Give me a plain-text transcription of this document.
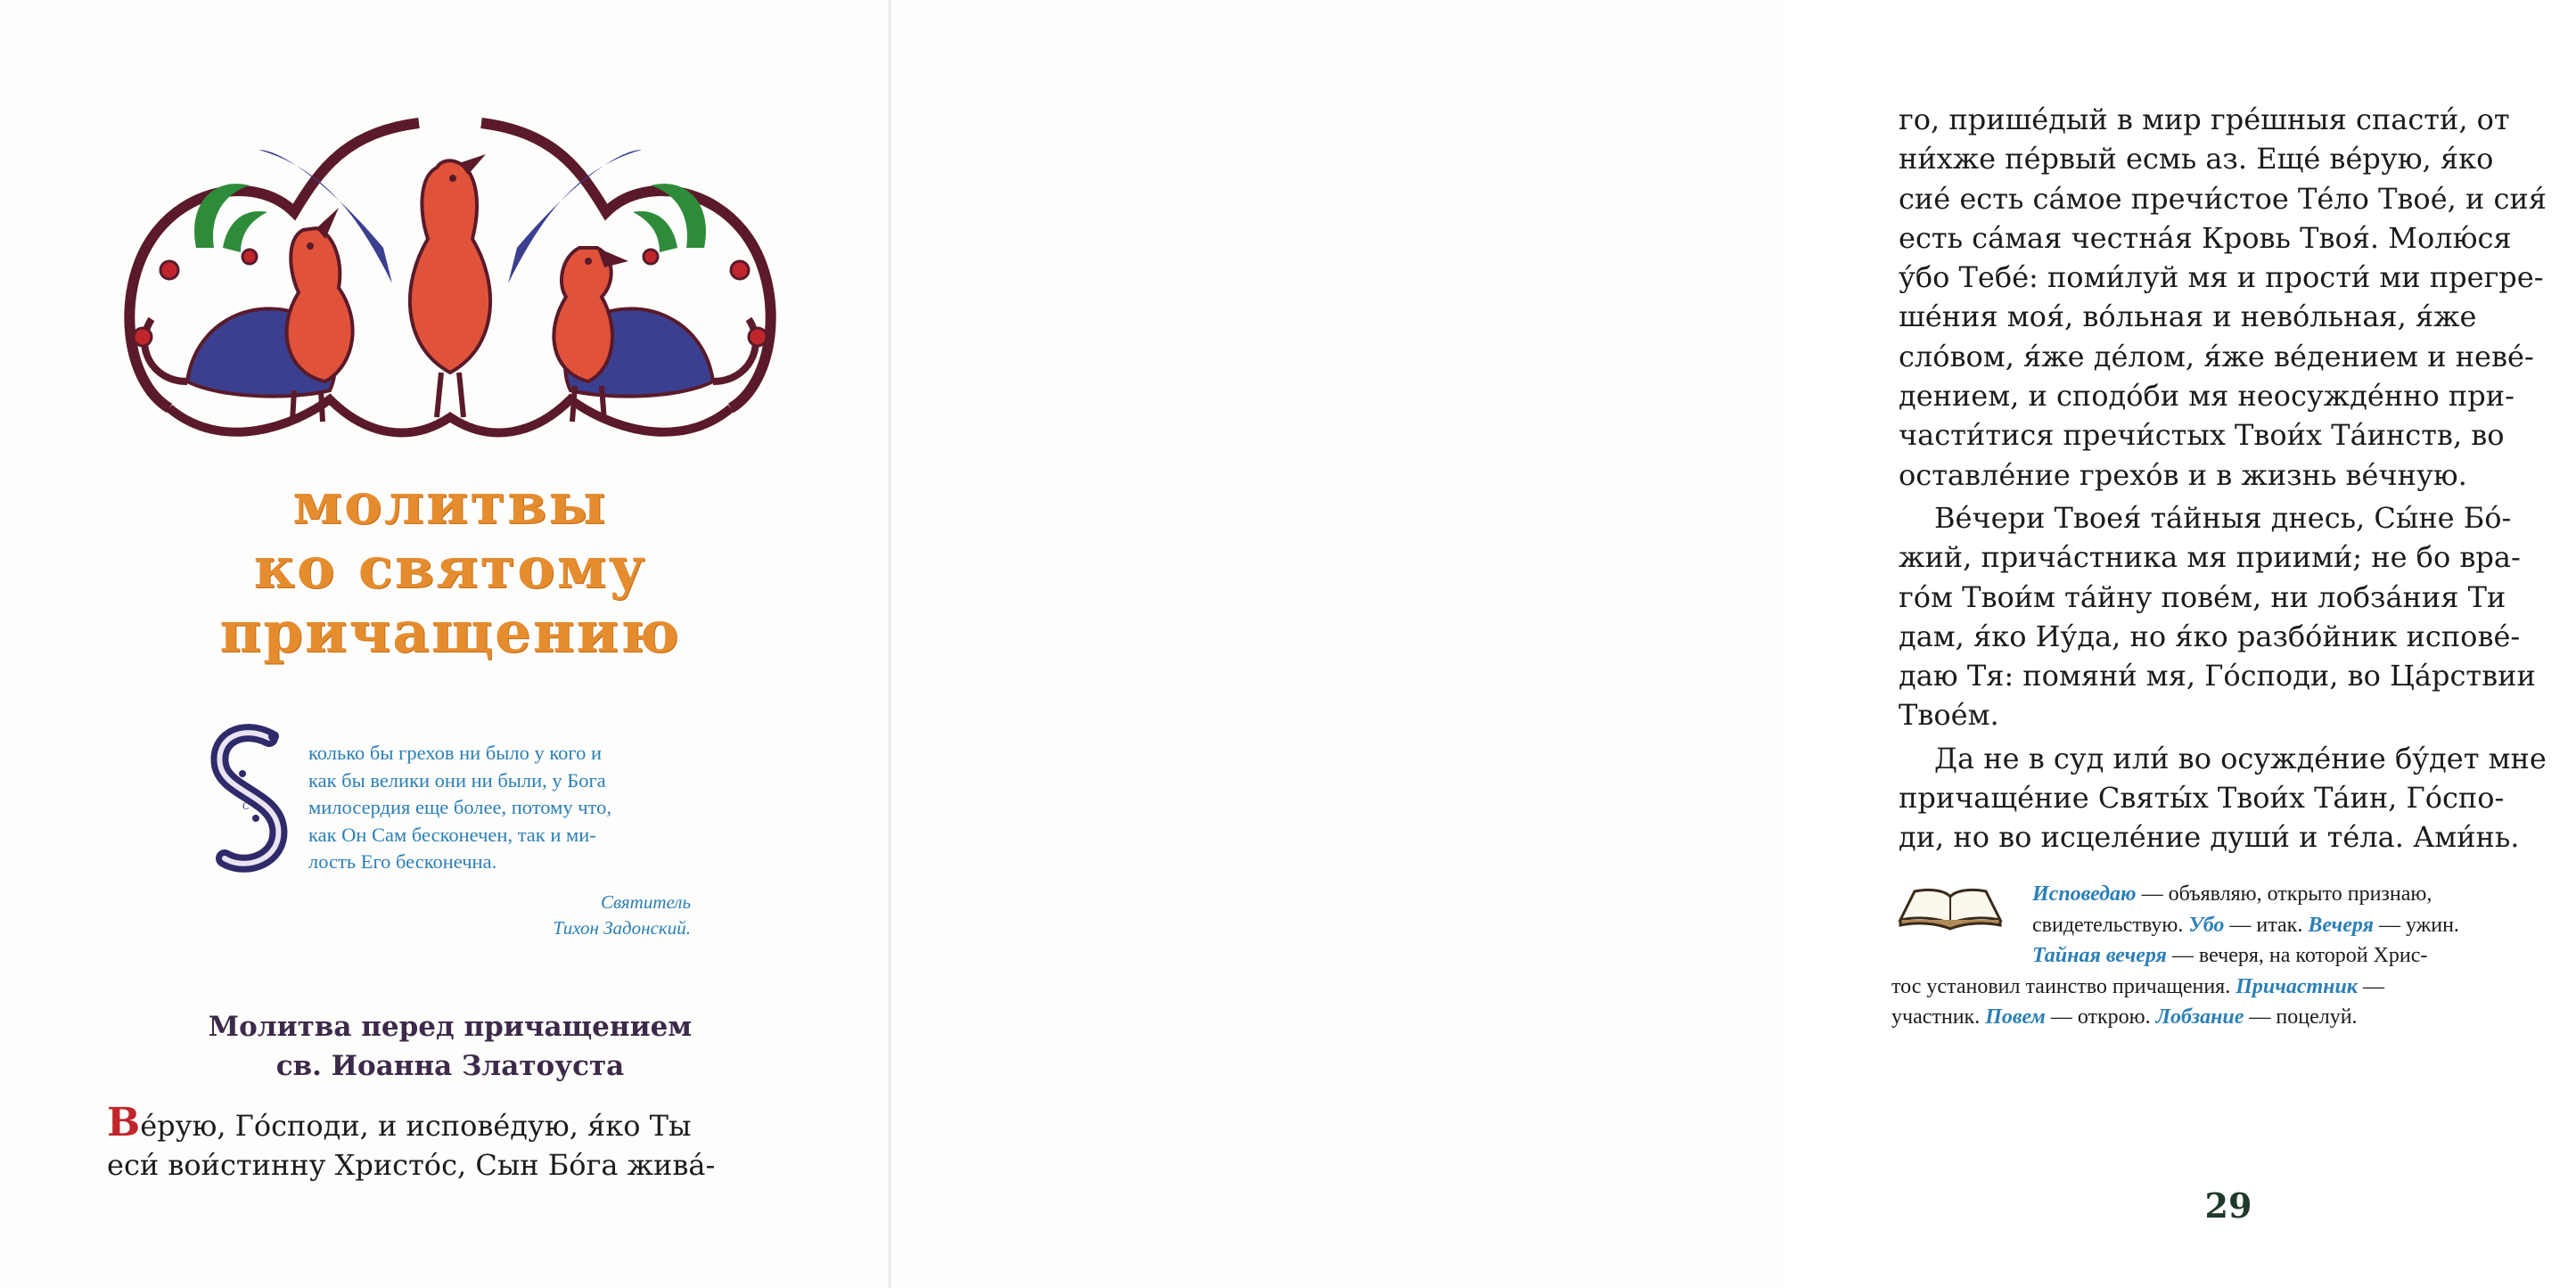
молитвы
ко святому
причащению
С

колько бы грехов ни было у кого и

как бы велики они ни были, у Бога

милосердия еще более, потому что,

как Он Сам бесконечен, так и ми-

лость Его бесконечна.

Святитель
Тихон Задонский.
Молитва перед причащением
св. Иоанна Златоуста
Ве́рую, Го́споди, и испове́дую, я́ко Ты
еси́ вои́стинну Христо́с, Сын Бо́га жива́-
го, прише́дый в мир гре́шныя спасти́, от
ни́хже пе́рвый есмь аз. Еще́ ве́рую, я́ко
сие́ есть са́мое пречи́стое Те́ло Твое́, и сия́
есть са́мая честна́я Кровь Твоя́. Молю́ся
у́бо Тебе́: поми́луй мя и прости́ ми прегре-
ше́ния моя́, во́льная и нево́льная, я́же
сло́вом, я́же де́лом, я́же ве́дением и неве́-
дением, и сподо́би мя неосужде́нно при-
части́тися пречи́стых Твои́х Та́инств, во
оставле́ние грехо́в и в жизнь ве́чную.
Ве́чери Твоея́ та́йныя днесь, Сы́не Бо́-
жий, прича́стника мя приими́; не бо вра-
го́м Твои́м та́йну пове́м, ни лобза́ния Ти
дам, я́ко Иу́да, но я́ко разбо́йник испове́-
даю Тя: помяни́ мя, Го́споди, во Ца́рствии
Твое́м.
Да не в суд или́ во осужде́ние бу́дет мне
причаще́ние Святы́х Твои́х Та́ин, Го́спо-
ди, но во исцеле́ние души́ и те́ла. Ами́нь.
Исповедаю — объявляю, открыто признаю,
свидетельствую. Убо — итак. Вечеря — ужин.
Тайная вечеря — вечеря, на которой Хрис-
тос установил таинство причащения. Причастник —
участник. Повем — открою. Лобзание — поцелуй.
29
